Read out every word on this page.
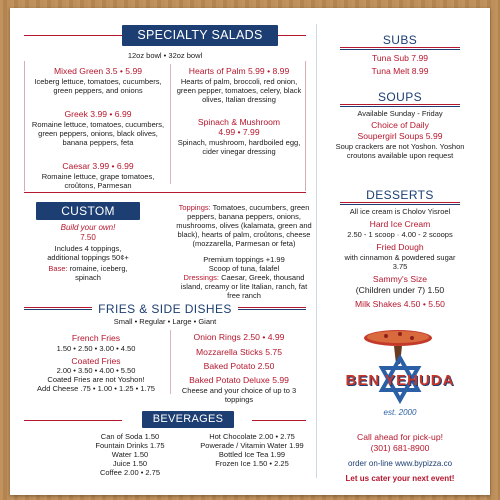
SPECIALTY SALADS
12oz bowl • 32oz bowl
Mixed Green 3.5 • 5.99
Iceberg lettuce, tomatoes, cucumbers, green peppers, and onions
Greek 3.99 • 6.99
Romaine lettuce, tomatoes, cucumbers, green peppers, onions, black olives, banana peppers, feta
Caesar 3.99 • 6.99
Romaine lettuce, grape tomatoes, croûtons, Parmesan
Hearts of Palm 5.99 • 8.99
Hearts of palm, broccoli, red onion, green pepper, tomatoes, celery, black olives, Italian dressing
Spinach & Mushroom
4.99 • 7.99
Spinach, mushroom, hardboiled egg, cider vinegar dressing
CUSTOM
Build your own!
7.50
Includes 4 toppings, additional toppings 50¢+
Base: romaine, iceberg, spinach
Toppings: Tomatoes, cucumbers, green peppers, banana peppers, onions, mushrooms, olives (kalamata, green and black), hearts of palm, croûtons, cheese (mozzarella, Parmesan or feta)
Premium toppings +1.99
Scoop of tuna, falafel
Dressings: Caesar, Greek, thousand island, creamy or lite Italian, ranch, fat free ranch
FRIES & SIDE DISHES
Small • Regular • Large • Giant
French Fries
1.50 • 2.50 • 3.00 • 4.50
Coated Fries
2.00 • 3.50 • 4.00 • 5.50
Coated Fries are not Yoshon!
Add Cheese .75 • 1.00 • 1.25 • 1.75
Onion Rings 2.50 • 4.99
Mozzarella Sticks 5.75
Baked Potato 2.50
Baked Potato Deluxe 5.99
Cheese and your choice of up to 3 toppings
BEVERAGES
Can of Soda 1.50
Fountain Drinks 1.75
Water 1.50
Juice 1.50
Coffee 2.00 • 2.75
Hot Chocolate 2.00 • 2.75
Powerade / Vitamin Water 1.99
Bottled Ice Tea 1.99
Frozen Ice 1.50 • 2.25
SUBS
Tuna Sub 7.99
Tuna Melt 8.99
SOUPS
Available Sunday - Friday
Choice of Daily
Soupergirl Soups 5.99
Soup crackers are not Yoshon. Yoshon croutons available upon request
DESSERTS
All ice cream is Cholov Yisroel
Hard Ice Cream
2.50 - 1 scoop · 4.00 - 2 scoops
Fried Dough
with cinnamon & powdered sugar 3.75
Sammy's Size
(Children under 7) 1.50
Milk Shakes 4.50 • 5.50
BEN YEHUDA
est. 2000
Call ahead for pick-up!
(301) 681-8900
order on-line www.bypizza.co
Let us cater your next event!
